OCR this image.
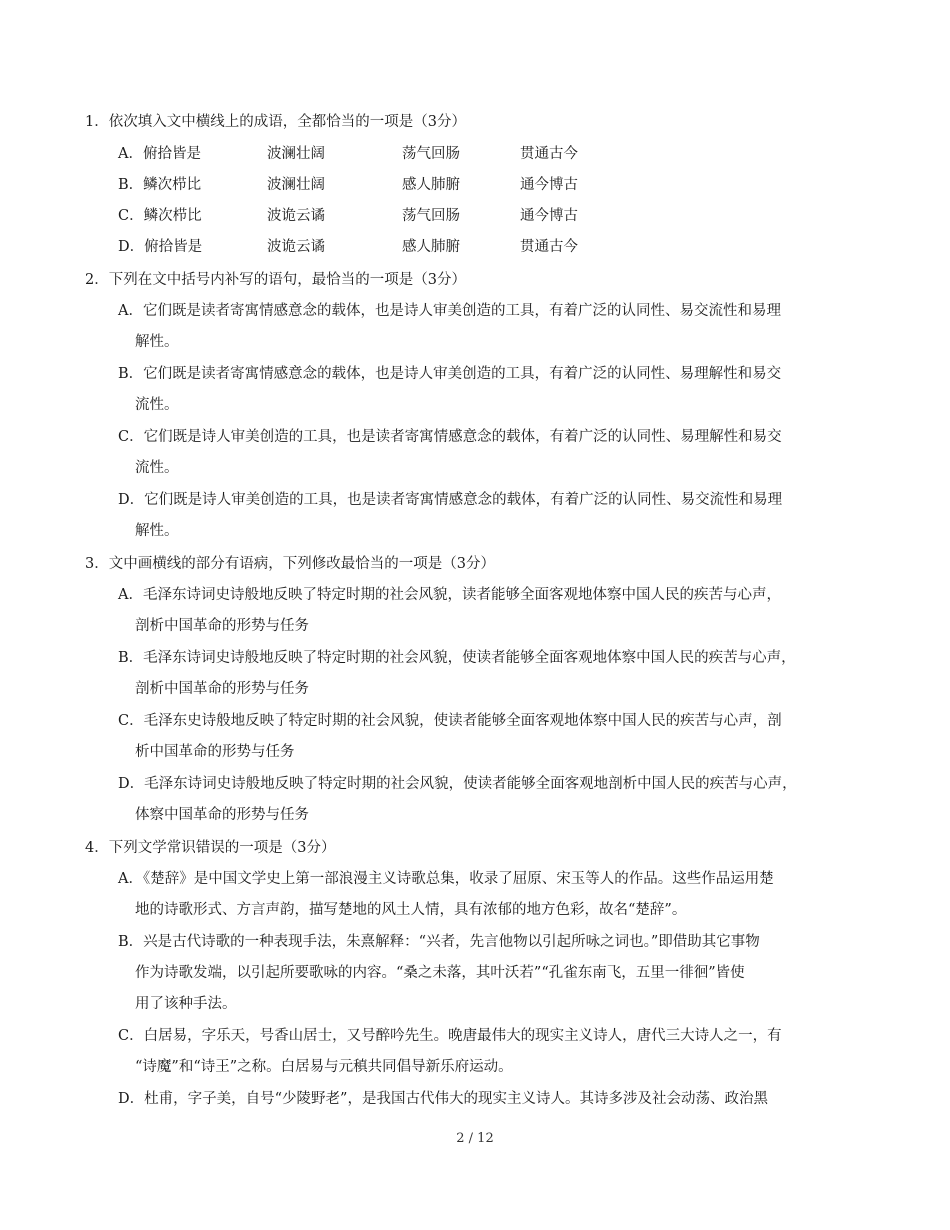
1．依次填入文中横线上的成语，全都恰当的一项是（3分）
A．俯拾皆是	波澜壮阔	荡气回肠	贯通古今
B．鳞次栉比	波澜壮阔	感人肺腑	通今博古
C．鳞次栉比	波诡云谲	荡气回肠	通今博古
D．俯拾皆是	波诡云谲	感人肺腑	贯通古今
2．下列在文中括号内补写的语句，最恰当的一项是（3分）
A．它们既是读者寄寓情感意念的载体，也是诗人审美创造的工具，有着广泛的认同性、易交流性和易理
解性。
B．它们既是读者寄寓情感意念的载体，也是诗人审美创造的工具，有着广泛的认同性、易理解性和易交
流性。
C．它们既是诗人审美创造的工具，也是读者寄寓情感意念的载体，有着广泛的认同性、易理解性和易交
流性。
D．它们既是诗人审美创造的工具，也是读者寄寓情感意念的载体，有着广泛的认同性、易交流性和易理
解性。
3．文中画横线的部分有语病，下列修改最恰当的一项是（3分）
A．毛泽东诗词史诗般地反映了特定时期的社会风貌，读者能够全面客观地体察中国人民的疾苦与心声，
剖析中国革命的形势与任务
B．毛泽东诗词史诗般地反映了特定时期的社会风貌，使读者能够全面客观地体察中国人民的疾苦与心声，
剖析中国革命的形势与任务
C．毛泽东史诗般地反映了特定时期的社会风貌，使读者能够全面客观地体察中国人民的疾苦与心声，剖
析中国革命的形势与任务
D．毛泽东诗词史诗般地反映了特定时期的社会风貌，使读者能够全面客观地剖析中国人民的疾苦与心声，
体察中国革命的形势与任务
4．下列文学常识错误的一项是（3分）
A．《楚辞》是中国文学史上第一部浪漫主义诗歌总集，收录了屈原、宋玉等人的作品。这些作品运用楚
地的诗歌形式、方言声韵，描写楚地的风土人情，具有浓郁的地方色彩，故名“楚辞”。
B．兴是古代诗歌的一种表现手法，朱熹解释：“兴者，先言他物以引起所咏之词也。”即借助其它事物
作为诗歌发端，以引起所要歌咏的内容。“桑之未落，其叶沃若”“孔雀东南飞，五里一徘徊”皆使
用了该种手法。
C．白居易，字乐天，号香山居士，又号醉吟先生。晚唐最伟大的现实主义诗人，唐代三大诗人之一，有
“诗魔”和“诗王”之称。白居易与元稹共同倡导新乐府运动。
D．杜甫，字子美，自号“少陵野老”，是我国古代伟大的现实主义诗人。其诗多涉及社会动荡、政治黑
2 / 12
